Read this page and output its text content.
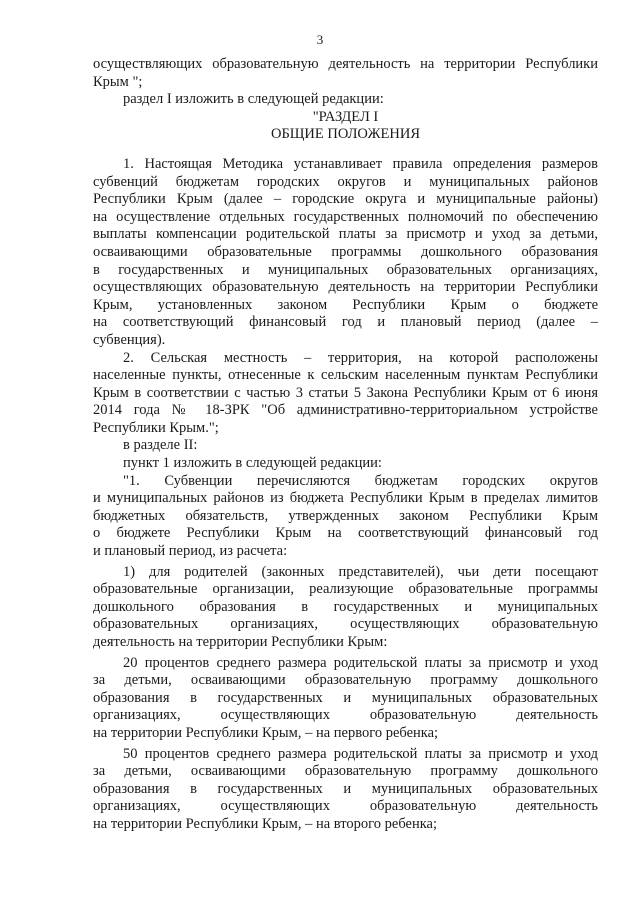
3
осуществляющих образовательную деятельность на территории Республики
Крым ";
раздел I изложить в следующей редакции:
"РАЗДЕЛ I
ОБЩИЕ ПОЛОЖЕНИЯ
1. Настоящая Методика устанавливает правила определения размеров
субвенций бюджетам городских округов и муниципальных районов
Республики Крым (далее – городские округа и муниципальные районы)
на осуществление отдельных государственных полномочий по обеспечению
выплаты компенсации родительской платы за присмотр и уход за детьми,
осваивающими образовательные программы дошкольного образования
в государственных и муниципальных образовательных организациях,
осуществляющих образовательную деятельность на территории Республики
Крым, установленных законом Республики Крым о бюджете
на соответствующий финансовый год и плановый период (далее –
субвенция).
2. Сельская местность – территория, на которой расположены
населенные пункты, отнесенные к сельским населенным пунктам Республики
Крым в соответствии с частью 3 статьи 5 Закона Республики Крым от 6 июня
2014 года № 18-ЗРК "Об административно-территориальном устройстве
Республики Крым.";
в разделе II:
пункт 1 изложить в следующей редакции:
"1. Субвенции перечисляются бюджетам городских округов
и муниципальных районов из бюджета Республики Крым в пределах лимитов
бюджетных обязательств, утвержденных законом Республики Крым
о бюджете Республики Крым на соответствующий финансовый год
и плановый период, из расчета:
1) для родителей (законных представителей), чьи дети посещают
образовательные организации, реализующие образовательные программы
дошкольного образования в государственных и муниципальных
образовательных организациях, осуществляющих образовательную
деятельность на территории Республики Крым:
20 процентов среднего размера родительской платы за присмотр и уход
за детьми, осваивающими образовательную программу дошкольного
образования в государственных и муниципальных образовательных
организациях, осуществляющих образовательную деятельность
на территории Республики Крым, – на первого ребенка;
50 процентов среднего размера родительской платы за присмотр и уход
за детьми, осваивающими образовательную программу дошкольного
образования в государственных и муниципальных образовательных
организациях, осуществляющих образовательную деятельность
на территории Республики Крым, – на второго ребенка;
